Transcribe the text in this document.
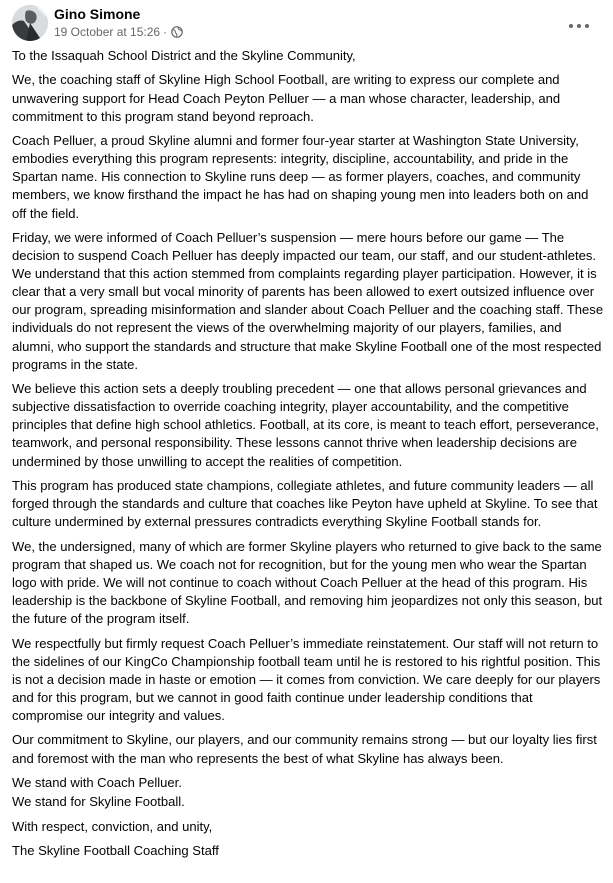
Gino Simone
19 October at 15:26 ·

To the Issaquah School District and the Skyline Community,

We, the coaching staff of Skyline High School Football, are writing to express our complete and unwavering support for Head Coach Peyton Pelluer — a man whose character, leadership, and commitment to this program stand beyond reproach.

Coach Pelluer, a proud Skyline alumni and former four-year starter at Washington State University, embodies everything this program represents: integrity, discipline, accountability, and pride in the Spartan name. His connection to Skyline runs deep — as former players, coaches, and community members, we know firsthand the impact he has had on shaping young men into leaders both on and off the field.

Friday, we were informed of Coach Pelluer’s suspension — mere hours before our game — The decision to suspend Coach Pelluer has deeply impacted our team, our staff, and our student-athletes. We understand that this action stemmed from complaints regarding player participation. However, it is clear that a very small but vocal minority of parents has been allowed to exert outsized influence over our program, spreading misinformation and slander about Coach Pelluer and the coaching staff. These individuals do not represent the views of the overwhelming majority of our players, families, and alumni, who support the standards and structure that make Skyline Football one of the most respected programs in the state.

We believe this action sets a deeply troubling precedent — one that allows personal grievances and subjective dissatisfaction to override coaching integrity, player accountability, and the competitive principles that define high school athletics. Football, at its core, is meant to teach effort, perseverance, teamwork, and personal responsibility. These lessons cannot thrive when leadership decisions are undermined by those unwilling to accept the realities of competition.

This program has produced state champions, collegiate athletes, and future community leaders — all forged through the standards and culture that coaches like Peyton have upheld at Skyline. To see that culture undermined by external pressures contradicts everything Skyline Football stands for.

We, the undersigned, many of which are former Skyline players who returned to give back to the same program that shaped us. We coach not for recognition, but for the young men who wear the Spartan logo with pride. We will not continue to coach without Coach Pelluer at the head of this program. His leadership is the backbone of Skyline Football, and removing him jeopardizes not only this season, but the future of the program itself.

We respectfully but firmly request Coach Pelluer’s immediate reinstatement. Our staff will not return to the sidelines of our KingCo Championship football team until he is restored to his rightful position. This is not a decision made in haste or emotion — it comes from conviction. We care deeply for our players and for this program, but we cannot in good faith continue under leadership conditions that compromise our integrity and values.

Our commitment to Skyline, our players, and our community remains strong — but our loyalty lies first and foremost with the man who represents the best of what Skyline has always been.

We stand with Coach Pelluer.

We stand for Skyline Football.

With respect, conviction, and unity,

The Skyline Football Coaching Staff
